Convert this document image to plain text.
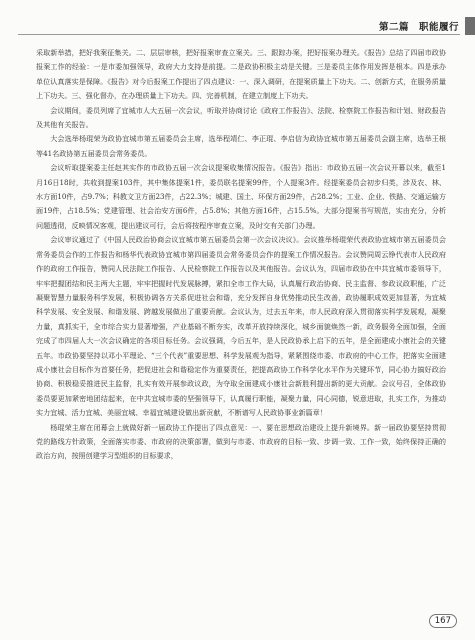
第二篇　职能履行

采取新举措，把好我案征集关。二、层层审核，把好报案审查立案关。三、跟踪办案，把好报案办理关。《报告》总结了四届市政协报案工作的经验：一是市委加强领导，政府大力支持是前提。二是政协积极主动是关键。三是委员主体作用发挥是根本。四是承办单位认真落实是保障。《报告》对今后报案工作提出了四点建议：一、深入调研，在提案质量上下功夫。二、创新方式，在服务质量上下功夫。三、强化督办，在办理质量上下功夫。四、完善机制，在建立制度上下功夫。

会议期间，委员列席了宜城市人大五届一次会议，听取并协商讨论《政府工作报告》、法院、检察院工作报告和计划、财政报告及其他有关报告。

大会选举杨琨荣为政协宜城市第五届委员会主席，选举程靖仁、李正琨、李启信为政协宜城市第五届委员会副主席，选举王根等41名政协第五届委员会常务委员。

会议听取提案委主任赵其实作的市政协五届一次会议提案收集情况报告。《报告》指出：市政协五届一次会议开幕以来，截至1月16日18时，共收到提案103件，其中集体提案1件，委员联名提案99件，个人提案3件。经提案委员会初步归类，涉及农、林、水方面10件，占9.7%；科教文卫方面23件，占22.3%；城建、国土、环保方面29件，占28.2%；工业、企业、铁路、交通运输方面19件，占18.5%；党建管理、社会治安方面6件，占5.8%；其他方面16件，占15.5%。大部分提案书写规范，实由充分，分析问题透彻，反映情况客观，提出建议可行，会后将按程序审查立案，及时交有关部门办理。

会议审议通过了《中国人民政治协商会议宜城市第五届委员会第一次会议决议》。会议推举杨琨荣代表政协宜城市第五届委员会常务委员会作的工作报告和杨华代表政协宜城市第四届委员会常务委员会作的提案工作情况报告。会议赞同周云铮代表市人民政府作的政府工作报告，赞同人民法院工作报告、人民检察院工作报告以及其他报告。会议认为，四届市政协在中共宜城市委领导下，牢牢把握团结和民主两大主题，牢牢把握时代发展脉搏，紧扣全市工作大局，认真履行政治协商、民主监督、参政议政职能，广泛凝聚智慧力量服务科学发展，积极协调各方关系促进社会和谐，充分发挥自身优势推动民生改善，政协履职成效更加显著，为宜城科学发展、安全发展、和谐发展、跨越发展做出了重要贡献。会议认为，过去五年来，市人民政府深入贯彻落实科学发展观，凝聚力量，真抓实干，全市综合实力显著增强，产业基础不断夯实，改革开放持续深化，城乡面貌焕然一新，政务服务全面加强，全面完成了市四届人大一次会议确定的各项目标任务。会议强调，今后五年，是人民政协承上启下的五年，是全面建成小康社会的关键五年。市政协要坚持以邓小平理论、“三个代表”重要思想、科学发展观为指导，紧紧围绕市委、市政府的中心工作，把落实全面建成小康社会目标作为首要任务，把促进社会和谐稳定作为重要责任，把提高政协工作科学化水平作为关键环节，同心协力搞好政治协商、积极稳妥推进民主监督，扎实有效开展参政议政，为夺取全面建成小康社会新胜利提出新的更大贡献。会议号召，全体政协委员要更加紧密地团结起来，在中共宜城市委的坚强领导下，认真履行职能，凝聚力量，同心同德，锐意进取，扎实工作，为推动实力宜城、活力宜城、美丽宜城、幸福宜城建设做出新贡献，不断谱写人民政协事业新篇章！

杨琨荣主席在闭幕会上就做好新一届政协工作提出了四点意见：一、要在思想政治建设上提升新境界。新一届政协要坚持贯彻党的路线方针政策，全面落实市委、市政府的决策部署，做到与市委、市政府的目标一致、步调一致、工作一致，始终保持正确的政治方向，按照创建学习型组织的目标要求，

167
